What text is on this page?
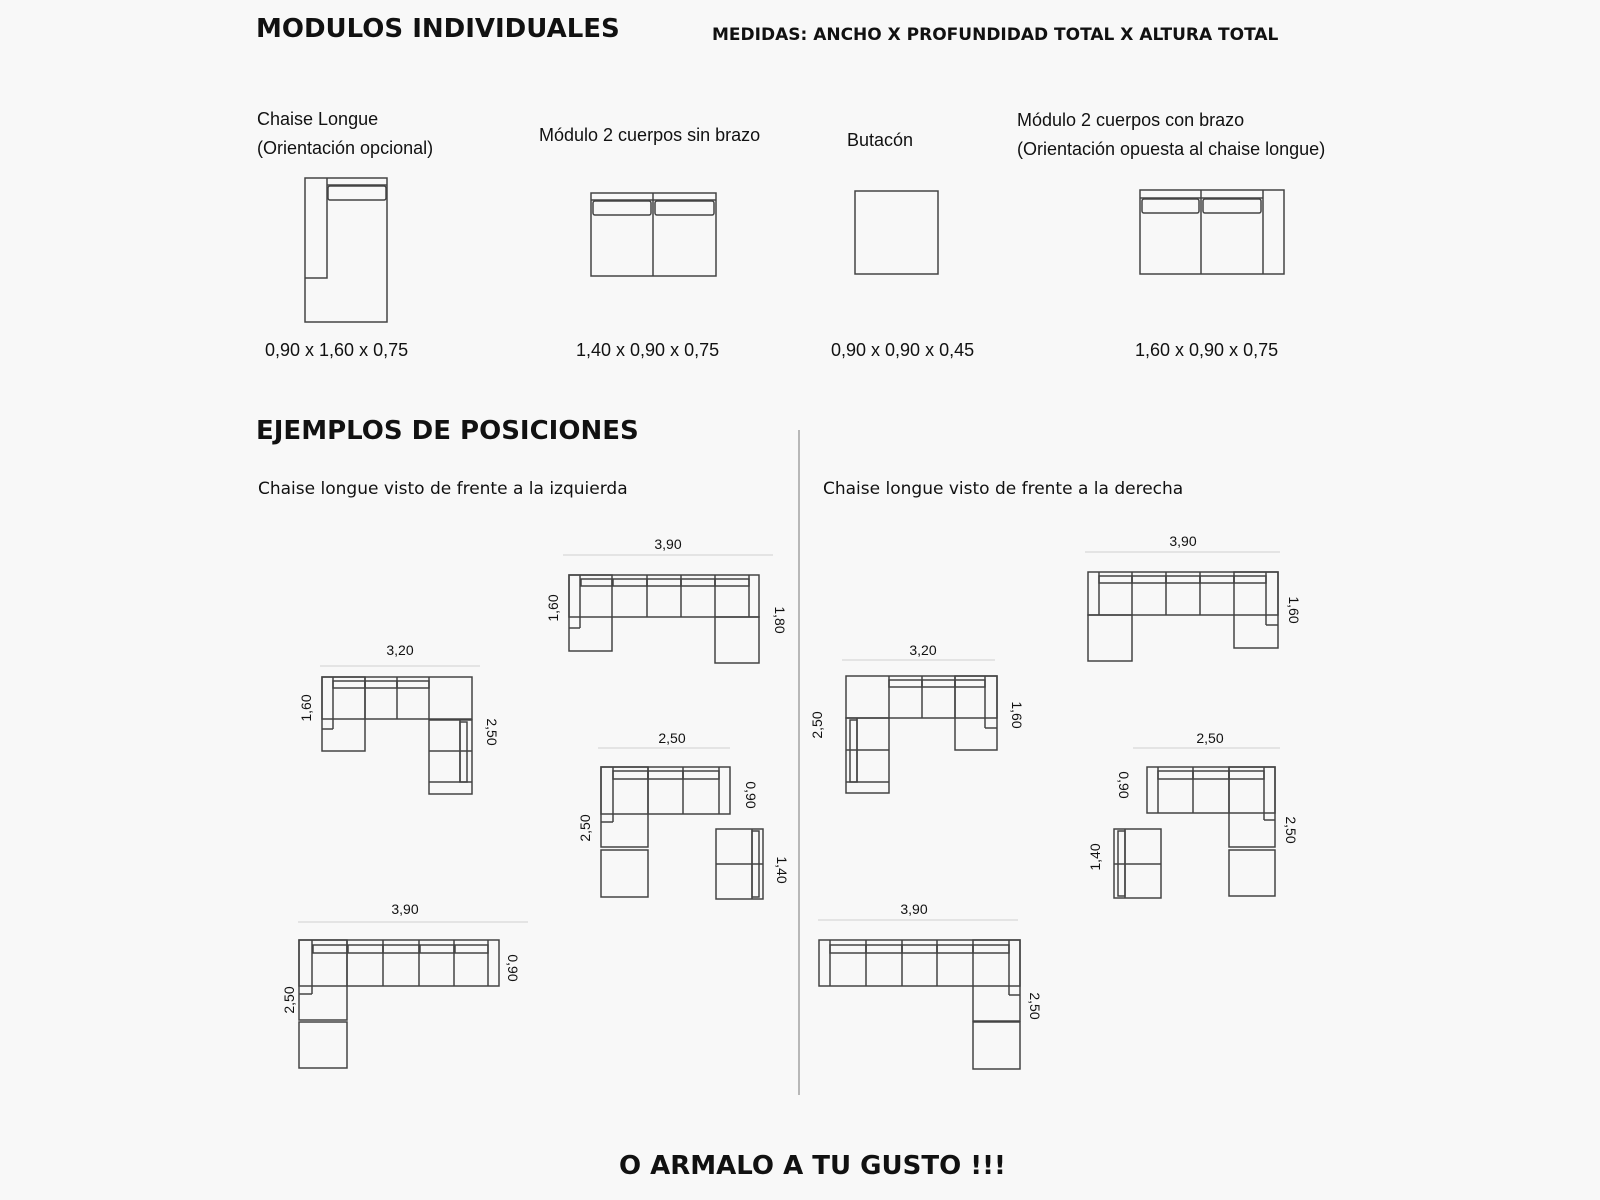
MODULOS INDIVIDUALES	MEDIDAS: ANCHO X PROFUNDIDAD TOTAL X ALTURA TOTAL
Chaise Longue
(Orientación opcional)
Módulo 2 cuerpos sin brazo	Butacón
Módulo 2 cuerpos con brazo
(Orientación opuesta al chaise longue)
0,90 x 1,60 x 0,75	1,40 x 0,90 x 0,75	0,90 x 0,90 x 0,45	1,60 x 0,90 x 0,75
EJEMPLOS DE POSICIONES
Chaise longue visto de frente a la izquierda	Chaise longue visto de frente a la derecha
O ARMALO A TU GUSTO !!!
3,90
1,60	1,80
3,20
1,60
2,50	2,50
2,50
0,90
1,40
3,90
2,50
0,90
3,90
1,60
3,20
2,50	1,60
2,50
0,90
1,40
2,50
3,90
2,50
